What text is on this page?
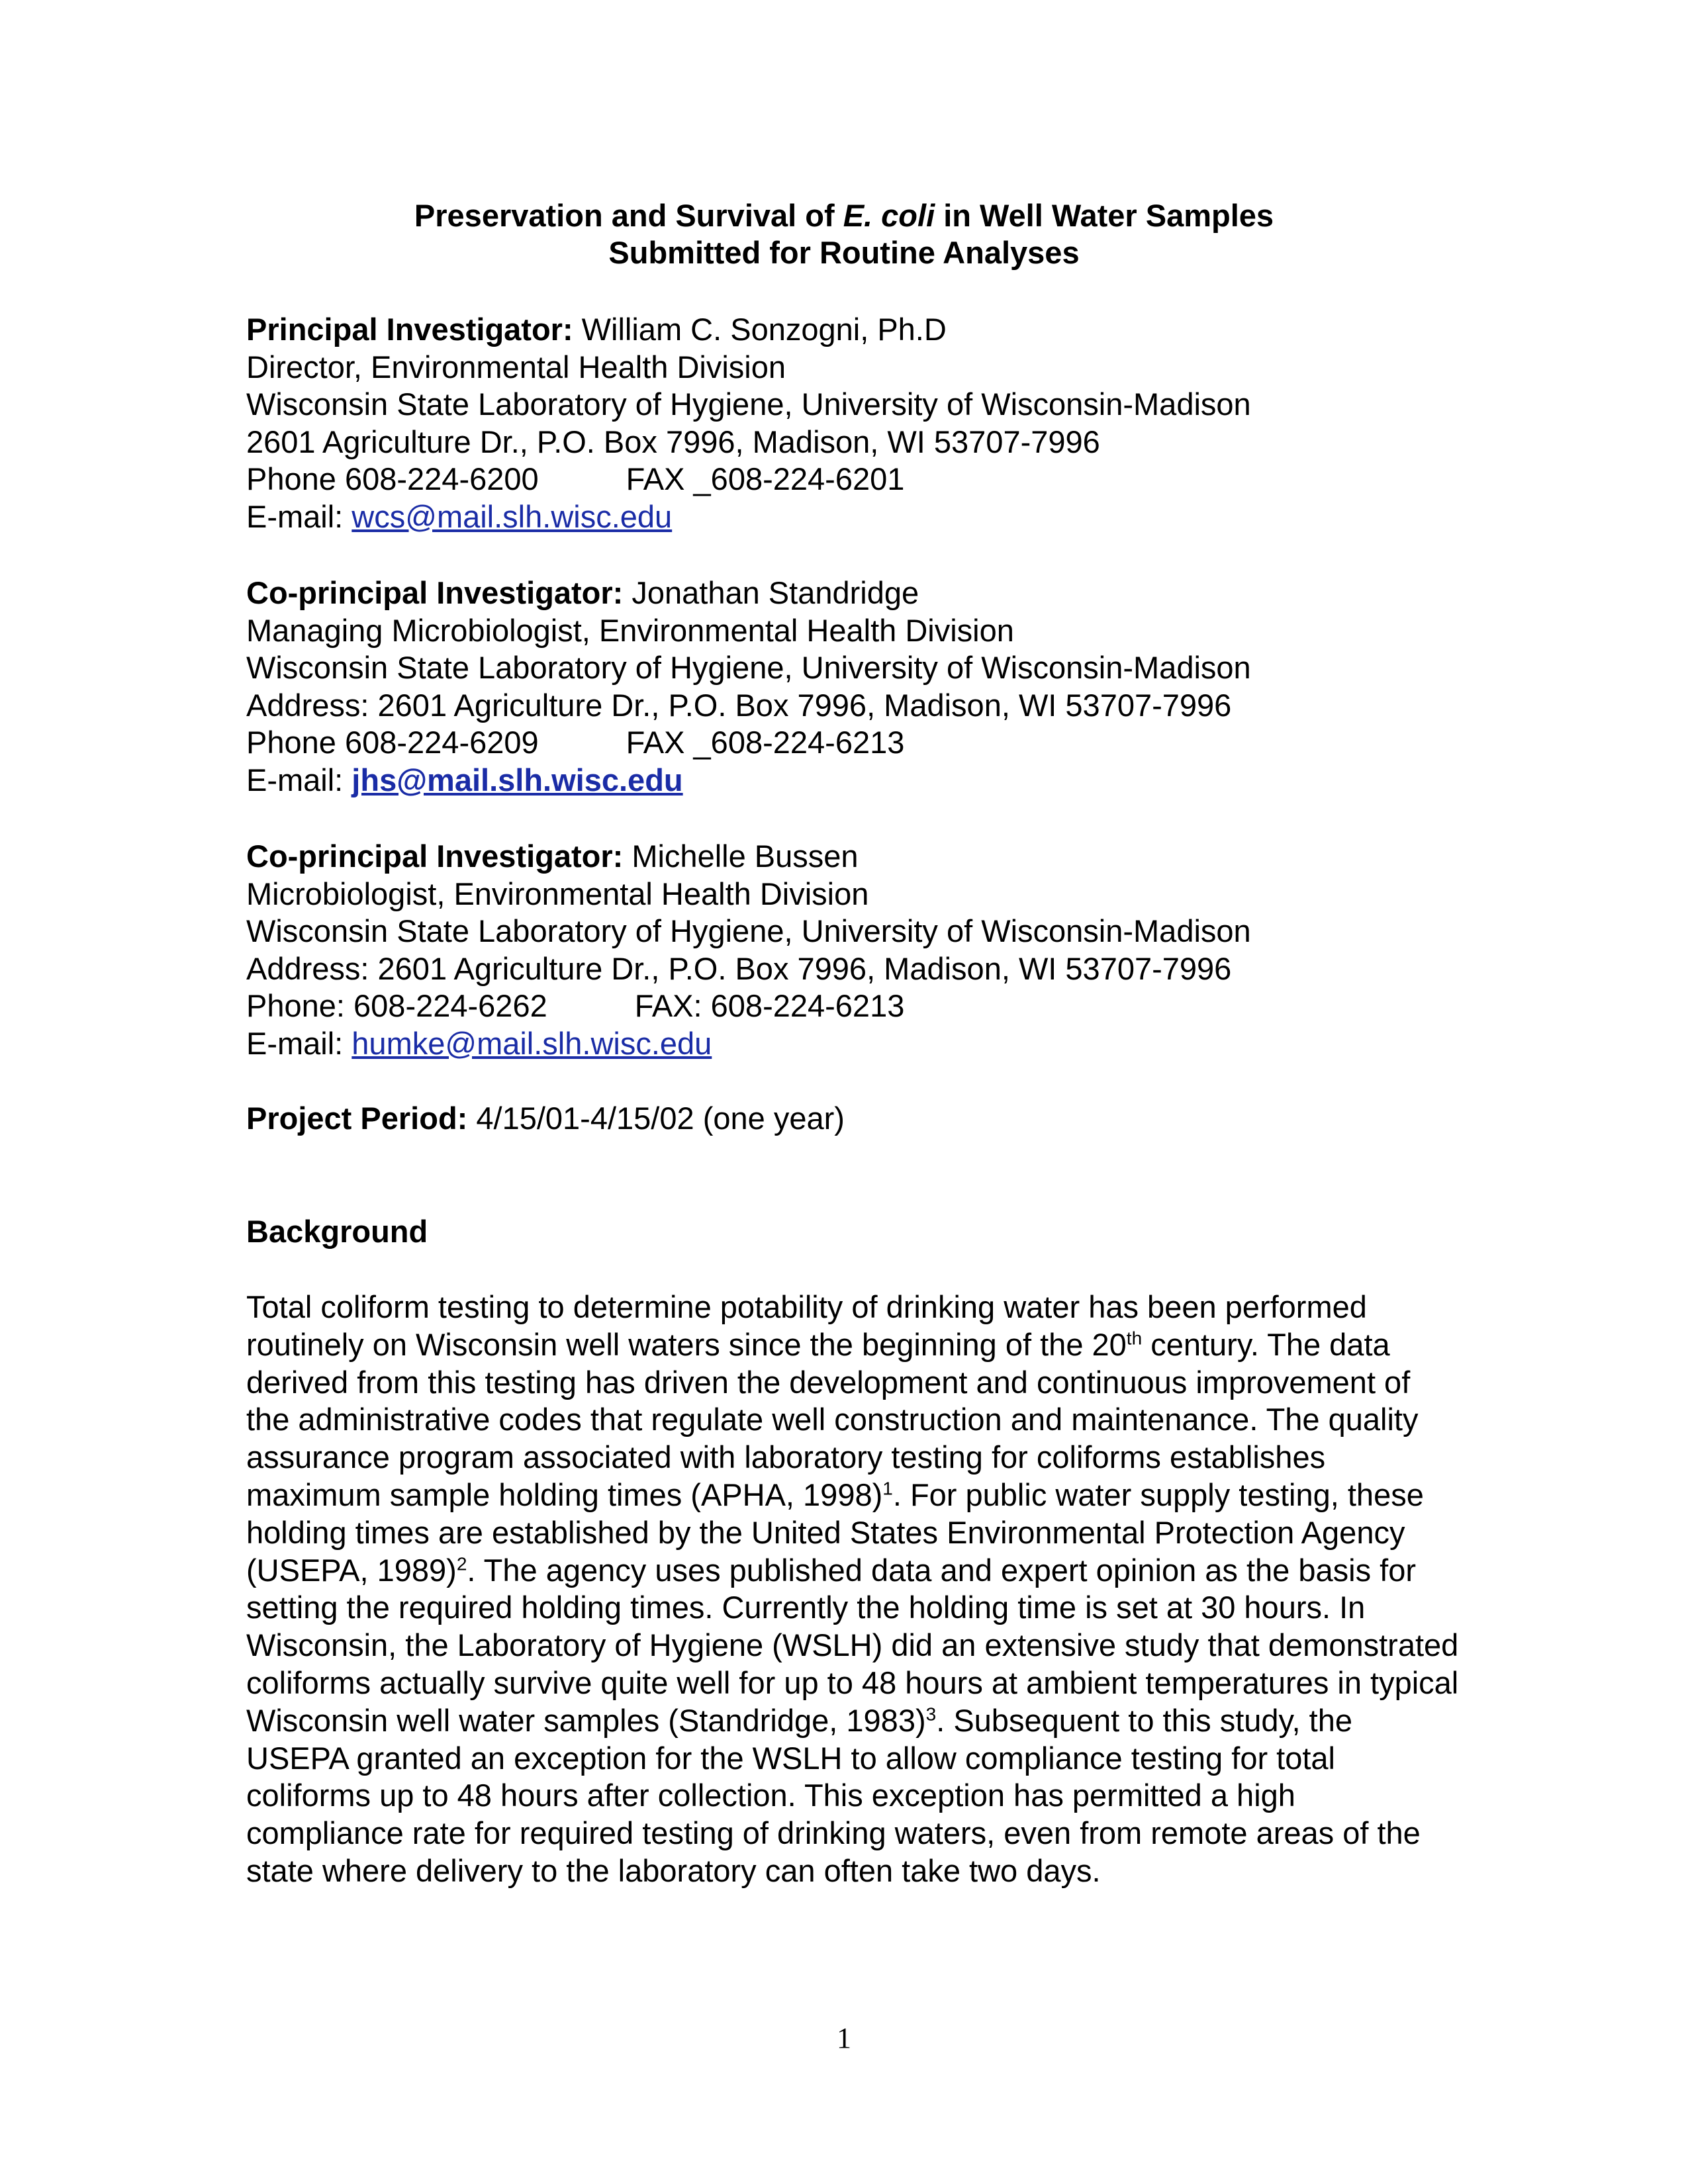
Preservation and Survival of E. coli in Well Water Samples
Submitted for Routine Analyses
Principal Investigator: William C. Sonzogni, Ph.D
Director, Environmental Health Division
Wisconsin State Laboratory of Hygiene, University of Wisconsin-Madison
2601 Agriculture Dr., P.O. Box 7996, Madison, WI 53707-7996
Phone 608-224-6200	FAX _608-224-6201
E-mail: wcs@mail.slh.wisc.edu
Co-principal Investigator: Jonathan Standridge
Managing Microbiologist, Environmental Health Division
Wisconsin State Laboratory of Hygiene, University of Wisconsin-Madison
Address: 2601 Agriculture Dr., P.O. Box 7996, Madison, WI 53707-7996
Phone 608-224-6209	FAX _608-224-6213
E-mail: jhs@mail.slh.wisc.edu
Co-principal Investigator: Michelle Bussen
Microbiologist, Environmental Health Division
Wisconsin State Laboratory of Hygiene, University of Wisconsin-Madison
Address: 2601 Agriculture Dr., P.O. Box 7996, Madison, WI 53707-7996
Phone: 608-224-6262	FAX: 608-224-6213
E-mail: humke@mail.slh.wisc.edu
Project Period: 4/15/01-4/15/02 (one year)
Background
Total coliform testing to determine potability of drinking water has been performed
routinely on Wisconsin well waters since the beginning of the 20th century. The data
derived from this testing has driven the development and continuous improvement of
the administrative codes that regulate well construction and maintenance. The quality
assurance program associated with laboratory testing for coliforms establishes
maximum sample holding times (APHA, 1998)$^1$. For public water supply testing, these
holding times are established by the United States Environmental Protection Agency
(USEPA, 1989)$^2$. The agency uses published data and expert opinion as the basis for
setting the required holding times. Currently the holding time is set at 30 hours. In
Wisconsin, the Laboratory of Hygiene (WSLH) did an extensive study that demonstrated
coliforms actually survive quite well for up to 48 hours at ambient temperatures in typical
Wisconsin well water samples (Standridge, 1983)$^3$. Subsequent to this study, the
USEPA granted an exception for the WSLH to allow compliance testing for total
coliforms up to 48 hours after collection. This exception has permitted a high
compliance rate for required testing of drinking waters, even from remote areas of the
state where delivery to the laboratory can often take two days.
1
